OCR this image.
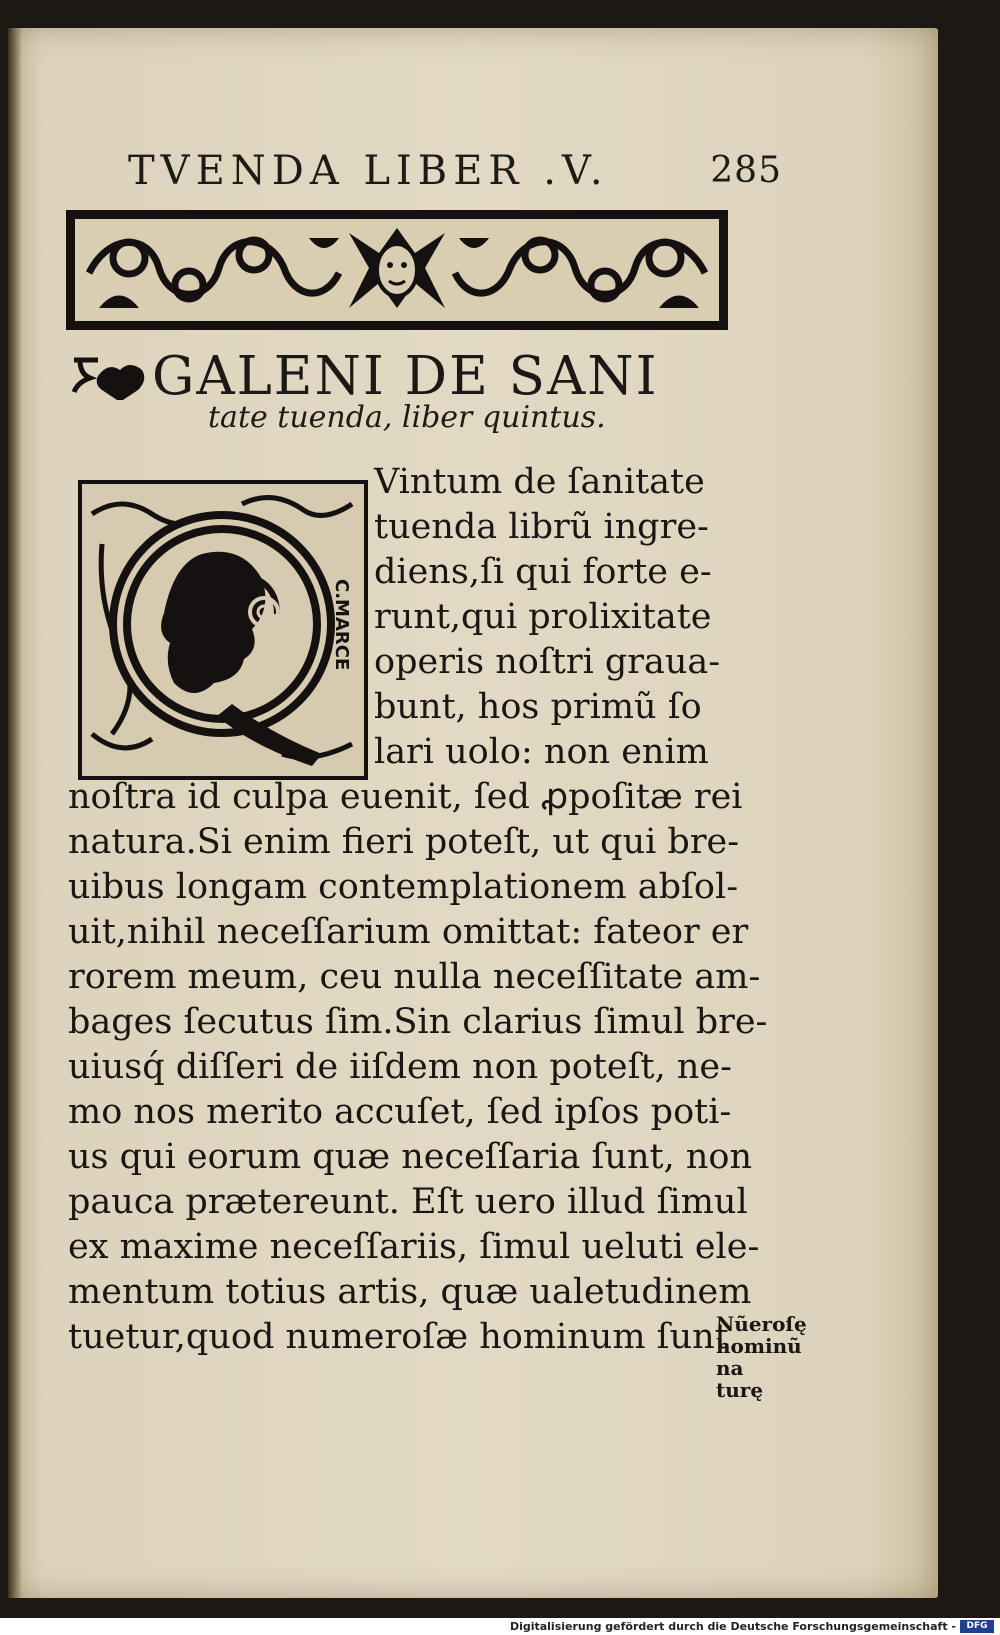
TVENDA LIBER .V.	285
GALENI DE SANI
tate tuenda, liber quintus.
C.MARCE
Vintum de ſanitate
tuenda librũ ingre-
diens,ſi qui forte e-
runt,qui prolixitate
operis noſtri graua-
bunt, hos primũ ſo
lari uolo: non enim
noſtra id culpa euenit, ſed ꝓpoſitæ rei
natura.Si enim fieri poteſt, ut qui bre-
uibus longam contemplationem abſol-
uit,nihil neceſſarium omittat: fateor er
rorem meum, ceu nulla neceſſitate am-
bages ſecutus ſim.Sin clarius ſimul bre-
uiusq́ diſſeri de iiſdem non poteſt, ne-
mo nos merito accuſet, ſed ipſos poti-
us qui eorum quæ neceſſaria ſunt, non
pauca prætereunt. Eſt uero illud ſimul
ex maxime neceſſariis, ſimul ueluti ele-
mentum totius artis, quæ ualetudinem
tuetur,quod numeroſæ hominum ſunt
Nũeroſę
hominũ na
turę
Digitalisierung gefördert durch die Deutsche Forschungsgemeinschaft -	DFG
